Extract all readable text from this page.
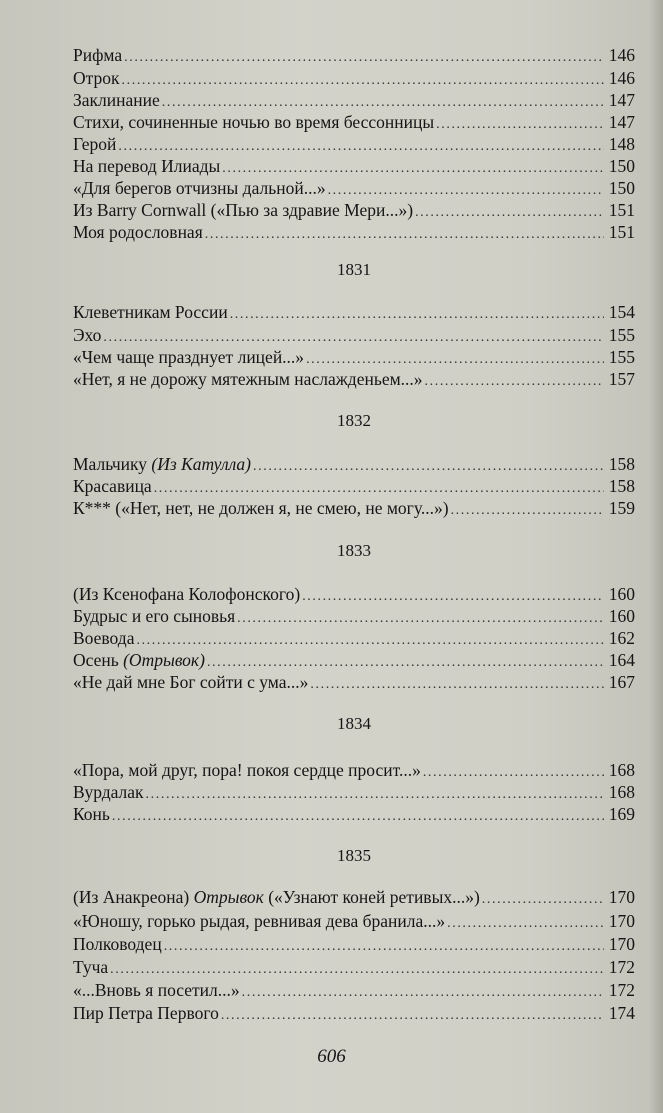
Рифма .....	146
Отрок .....	146
Заклинание .....	147
Стихи, сочиненные ночью во время бессонницы .....	147
Герой .....	148
На перевод Илиады .....	150
«Для берегов отчизны дальной...» .....	150
Из Barry Cornwall («Пью за здравие Мери...») .....	151
Моя родословная .....	151
1831
Клеветникам России .....	154
Эхо .....	155
«Чем чаще празднует лицей...» .....	155
«Нет, я не дорожу мятежным наслажденьем...» .....	157
1832
Мальчику (Из Катулла) .....	158
Красавица .....	158
К*** («Нет, нет, не должен я, не смею, не могу...») .....	159
1833
(Из Ксенофана Колофонского) .....	160
Будрыс и его сыновья .....	160
Воевода .....	162
Осень (Отрывок) .....	164
«Не дай мне Бог сойти с ума...» .....	167
1834
«Пора, мой друг, пора! покоя сердце просит...» .....	168
Вурдалак .....	168
Конь .....	169
1835
(Из Анакреона) Отрывок («Узнают коней ретивых...») .....	170
«Юношу, горько рыдая, ревнивая дева бранила...» .....	170
Полководец .....	170
Туча .....	172
«...Вновь я посетил...» .....	172
Пир Петра Первого .....	174
606
